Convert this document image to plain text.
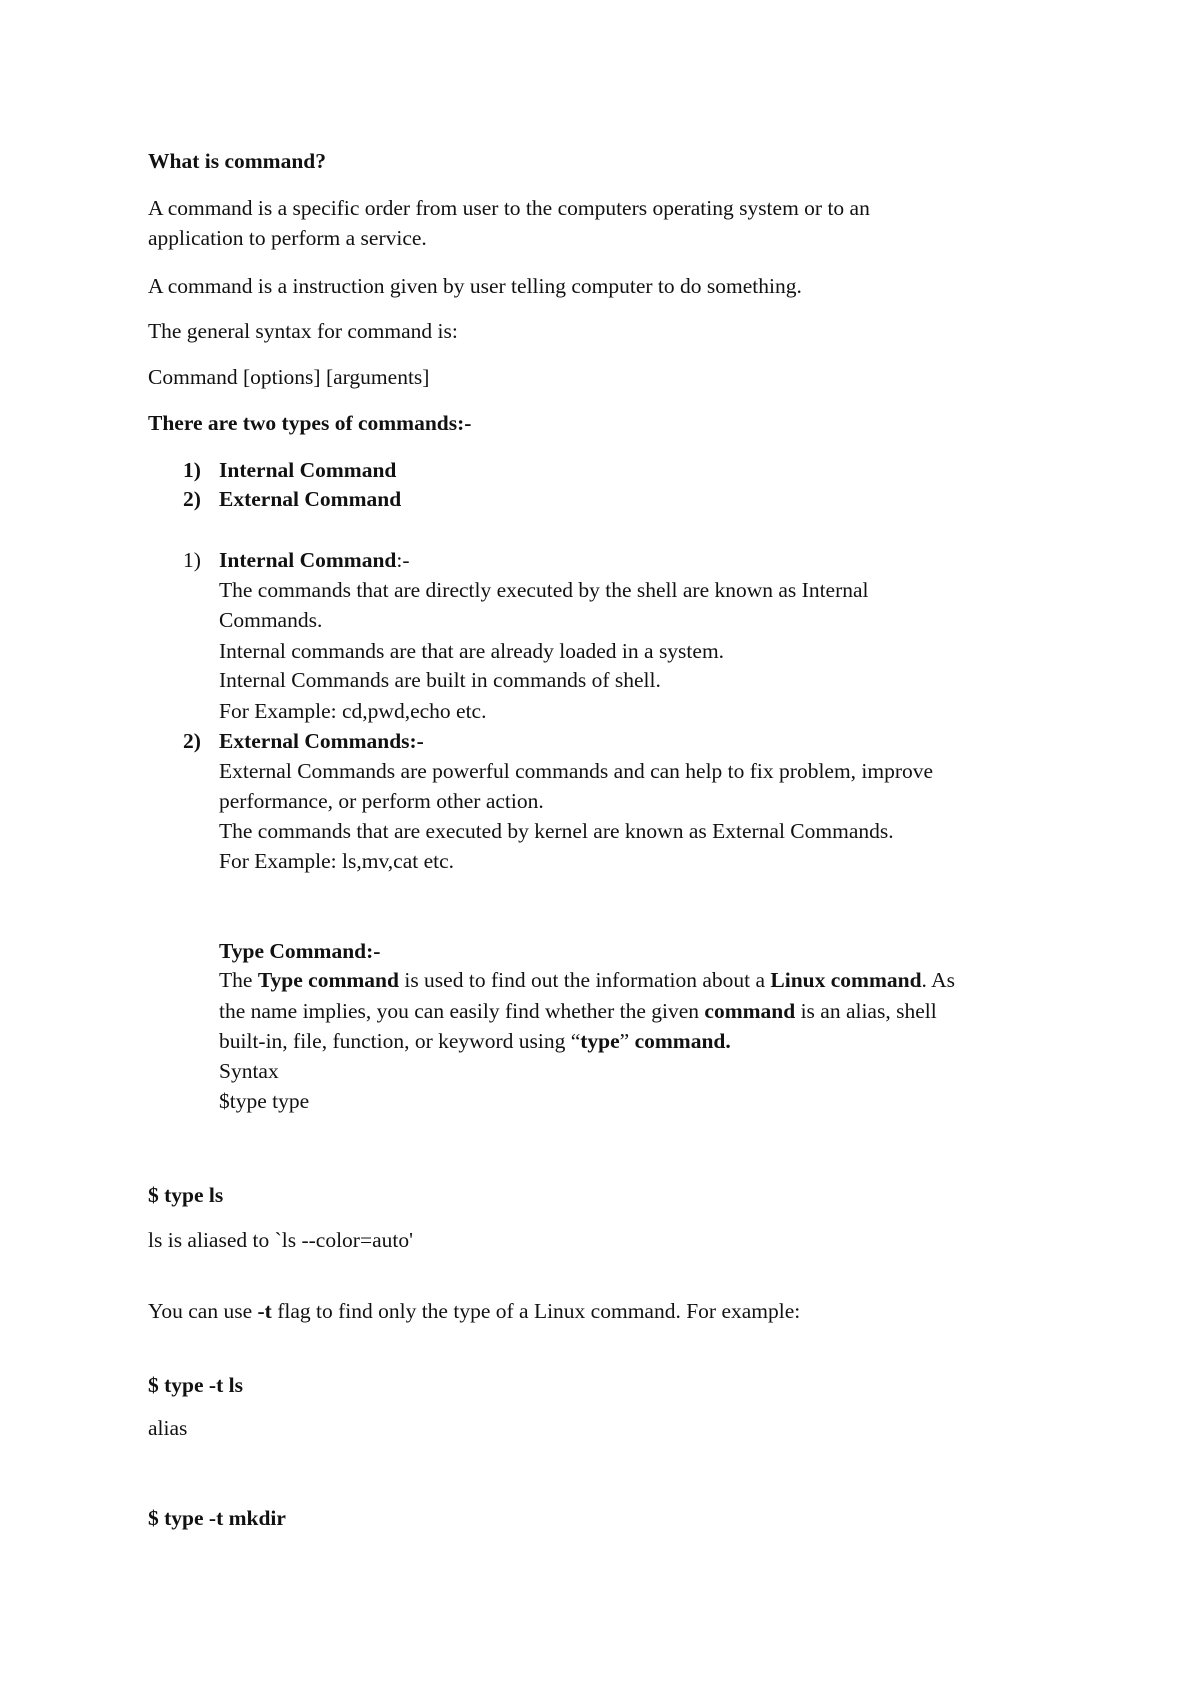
What is command?

A command is a specific order from user to the computers operating system or to an

application to perform a service.

A command is a instruction given by user telling computer to do something.

The general syntax for command is:

Command [options] [arguments]

There are two types of commands:-

1) Internal Command
2) External Command
1) Internal Command:-

The commands that are directly executed by the shell are known as Internal

Commands.

Internal commands are that are already loaded in a system.

Internal Commands are built in commands of shell.

For Example: cd,pwd,echo etc.

2) External Commands:-

External Commands are powerful commands and can help to fix problem, improve

performance, or perform other action.

The commands that are executed by kernel are known as External Commands.

For Example: ls,mv,cat etc.

Type Command:-

The Type command is used to find out the information about a Linux command. As

the name implies, you can easily find whether the given command is an alias, shell

built-in, file, function, or keyword using “type” command.

Syntax

$type type

$ type ls

ls is aliased to `ls --color=auto'

You can use -t flag to find only the type of a Linux command. For example:

$ type -t ls

alias

$ type -t mkdir
